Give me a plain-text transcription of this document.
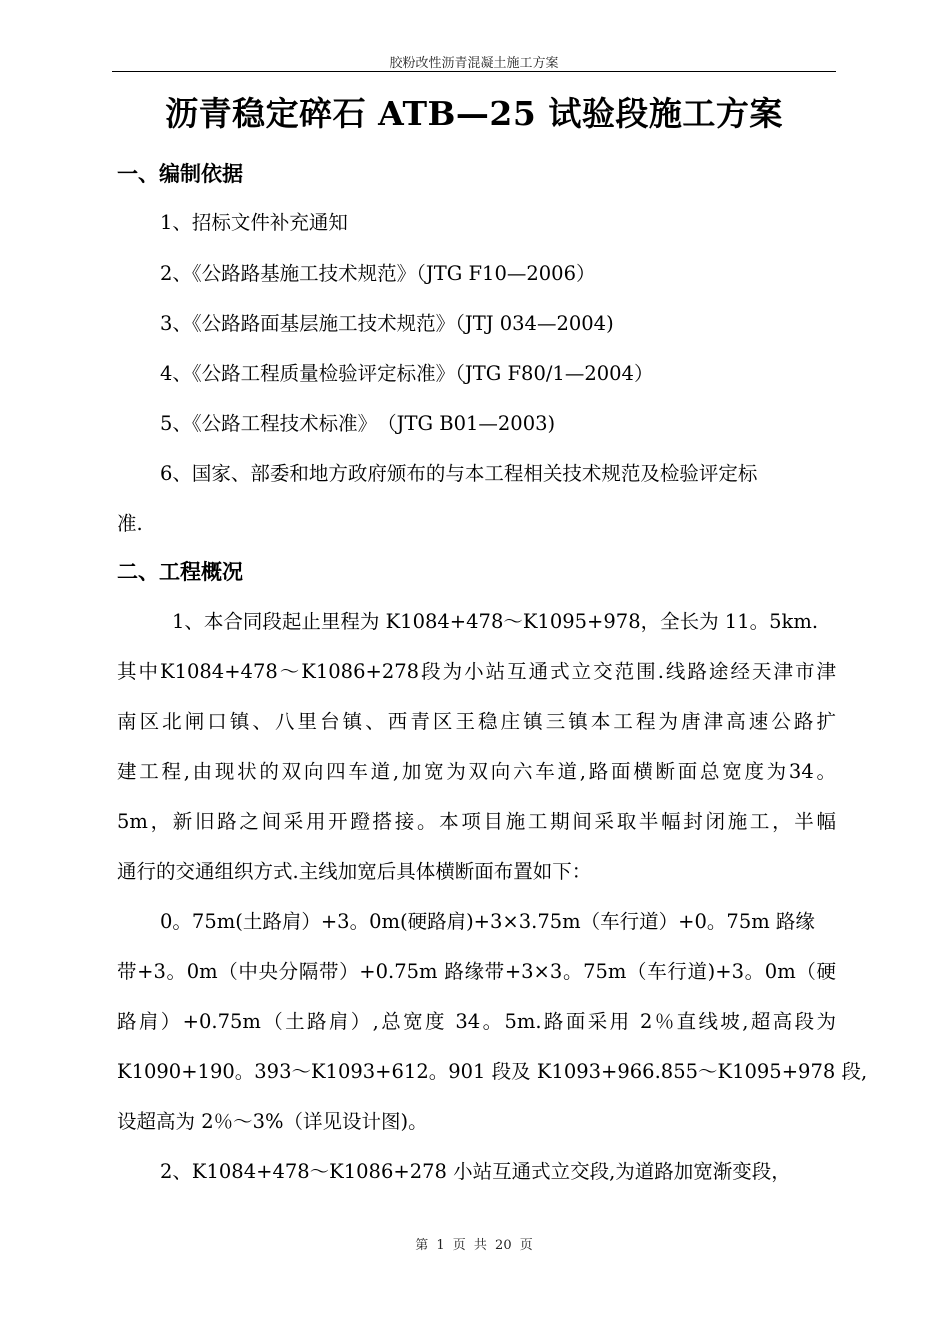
胶粉改性沥青混凝土施工方案
沥青稳定碎石 ATB—25 试验段施工方案
一、编制依据
1、招标文件补充通知
2、《公路路基施工技术规范》（JTG F10—2006）
3、《公路路面基层施工技术规范》（JTJ 034—2004)
4、《公路工程质量检验评定标准》（JTG F80/1—2004）
5、《公路工程技术标准》　（JTG B01—2003)
6、国家、部委和地方政府颁布的与本工程相关技术规范及检验评定标
准.
二、工程概况
1、本合同段起止里程为 K1084+478～K1095+978，全长为 11。5km.
其中K1084+478～K1086+278段为小站互通式立交范围.线路途经天津市津
南区北闸口镇、八里台镇、西青区王稳庄镇三镇本工程为唐津高速公路扩
建工程,由现状的双向四车道,加宽为双向六车道,路面横断面总宽度为34。
5m，新旧路之间采用开蹬搭接。本项目施工期间采取半幅封闭施工，半幅
通行的交通组织方式.主线加宽后具体横断面布置如下：
0。75m(土路肩）+3。0m(硬路肩)+3×3.75m（车行道）+0。75m 路缘
带+3。0m（中央分隔带）+0.75m 路缘带+3×3。75m（车行道)+3。0m（硬
路肩）+0.75m（土路肩）,总宽度 34。5m.路面采用 2％直线坡,超高段为
K1090+190。393～K1093+612。901 段及 K1093+966.855～K1095+978 段,
设超高为 2％～3%（详见设计图)。
2、K1084+478～K1086+278 小站互通式立交段,为道路加宽渐变段，
第 1 页 共 20 页
